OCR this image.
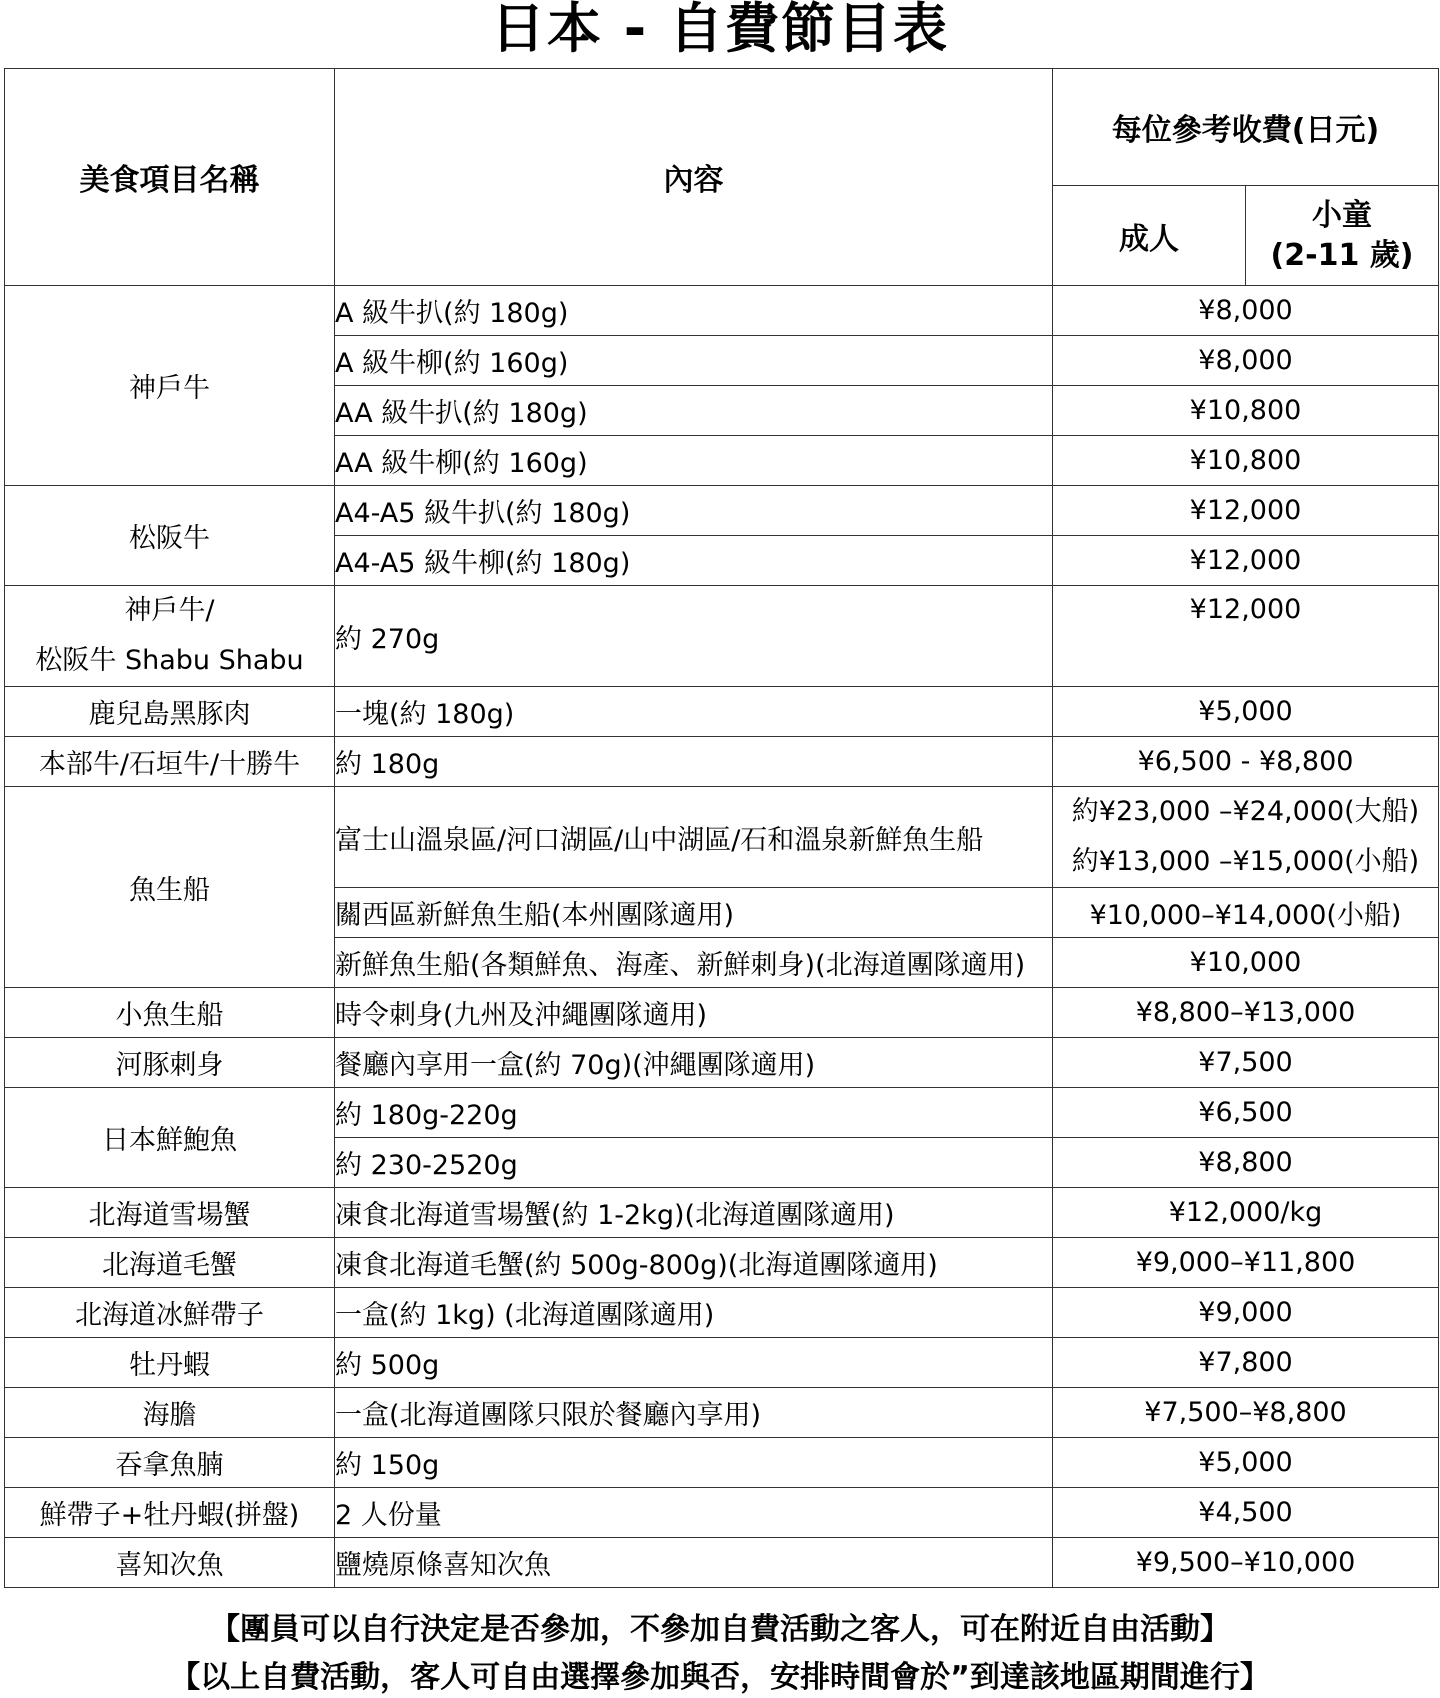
日本 - 自費節目表
美食項目名稱	內容	每位參考收費(日元)	
		成人	小童
(2-11 歲)

神戶牛	A 級牛扒(約 180g)	¥8,000	
	A 級牛柳(約 160g)	¥8,000	
	AA 級牛扒(約 180g)	¥10,800	
	AA 級牛柳(約 160g)	¥10,800	
松阪牛	A4-A5 級牛扒(約 180g)	¥12,000	
	A4-A5 級牛柳(約 180g)	¥12,000	

神戶牛/
松阪牛 Shabu Shabu	約 270g	¥12,000	
鹿兒島黑豚肉	一塊(約 180g)	¥5,000	
本部牛/石垣牛/十勝牛	約 180g	¥6,500 - ¥8,800	
魚生船	富士山溫泉區/河口湖區/山中湖區/石和溫泉新鮮魚生船	約¥23,000 –¥24,000(大船)
約¥13,000 –¥15,000(小船)	

	關西區新鮮魚生船(本州團隊適用)	¥10,000–¥14,000(小船)	
	新鮮魚生船(各類鮮魚、海產、新鮮刺身)(北海道團隊適用)	¥10,000	
小魚生船	時令刺身(九州及沖繩團隊適用)	¥8,800–¥13,000	
河豚刺身	餐廳內享用一盒(約 70g)(沖繩團隊適用)	¥7,500	
日本鮮鮑魚	約 180g-220g	¥6,500	
	約 230-2520g	¥8,800	
北海道雪場蟹	凍食北海道雪場蟹(約 1-2kg)(北海道團隊適用)	¥12,000/kg	
北海道毛蟹	凍食北海道毛蟹(約 500g-800g)(北海道團隊適用)	¥9,000–¥11,800	
北海道冰鮮帶子	一盒(約 1kg) (北海道團隊適用)	¥9,000	
牡丹蝦	約 500g	¥7,800	
海膽	一盒(北海道團隊只限於餐廳內享用)	¥7,500–¥8,800	
吞拿魚腩	約 150g	¥5,000	
鮮帶子+牡丹蝦(拼盤)	2 人份量	¥4,500	
喜知次魚	鹽燒原條喜知次魚	¥9,500–¥10,000	
【團員可以自行決定是否參加，不參加自費活動之客人，可在附近自由活動】
【以上自費活動，客人可自由選擇參加與否，安排時間會於”到達該地區期間進行】
